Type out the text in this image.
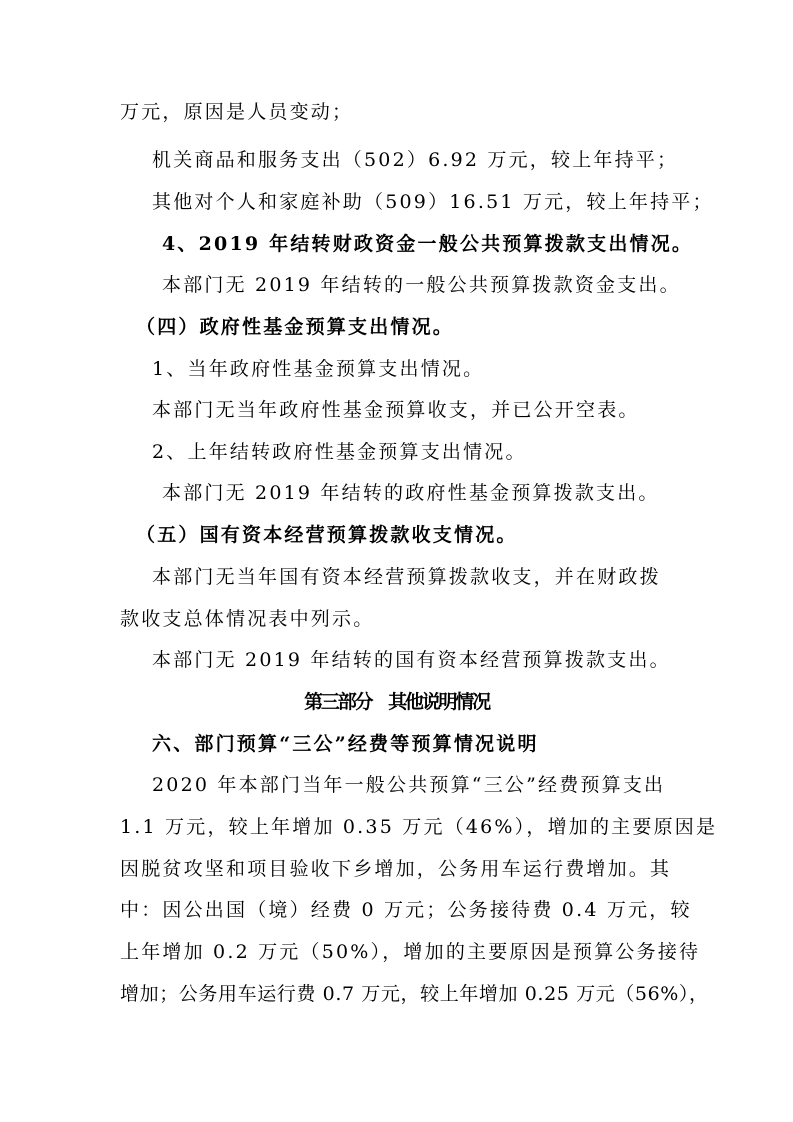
万元，原因是人员变动；
机关商品和服务支出（502）6.92 万元，较上年持平；
其他对个人和家庭补助（509）16.51 万元，较上年持平；
4、2019 年结转财政资金一般公共预算拨款支出情况。
本部门无 2019 年结转的一般公共预算拨款资金支出。
（四）政府性基金预算支出情况。
1、当年政府性基金预算支出情况。
本部门无当年政府性基金预算收支，并已公开空表。
2、上年结转政府性基金预算支出情况。
本部门无 2019 年结转的政府性基金预算拨款支出。
（五）国有资本经营预算拨款收支情况。
本部门无当年国有资本经营预算拨款收支，并在财政拨
款收支总体情况表中列示。
本部门无 2019 年结转的国有资本经营预算拨款支出。
第三部分　其他说明情况
六、部门预算“三公”经费等预算情况说明
2020 年本部门当年一般公共预算“三公”经费预算支出
1.1 万元，较上年增加 0.35 万元（46%），增加的主要原因是
因脱贫攻坚和项目验收下乡增加，公务用车运行费增加。其
中：因公出国（境）经费 0 万元；公务接待费 0.4 万元，较
上年增加 0.2 万元（50%），增加的主要原因是预算公务接待
增加；公务用车运行费 0.7 万元，较上年增加 0.25 万元（56%），
